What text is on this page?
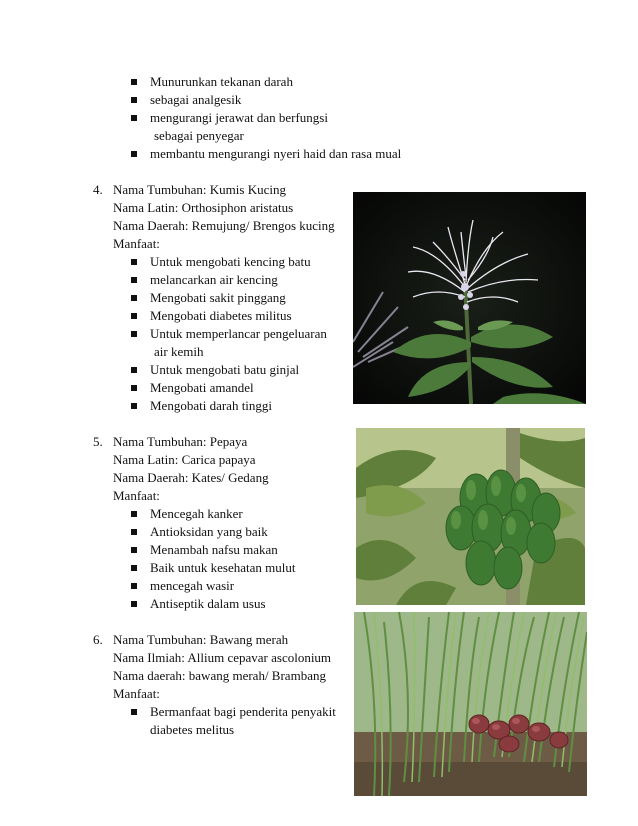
Munurunkan tekanan darah
sebagai analgesik
mengurangi jerawat dan berfungsi
sebagai penyegar
membantu mengurangi nyeri haid dan rasa mual
4. Nama Tumbuhan: Kumis Kucing
Nama Latin: Orthosiphon aristatus
Nama Daerah: Remujung/ Brengos kucing
Manfaat:
Untuk mengobati kencing batu
melancarkan air kencing
Mengobati sakit pinggang
Mengobati diabetes militus
Untuk memperlancar pengeluaran
air kemih
Untuk mengobati batu ginjal
Mengobati amandel
Mengobati darah tinggi
5. Nama Tumbuhan: Pepaya
Nama Latin: Carica papaya
Nama Daerah: Kates/ Gedang
Manfaat:
Mencegah kanker
Antioksidan yang baik
Menambah nafsu makan
Baik untuk kesehatan mulut
mencegah wasir
Antiseptik dalam usus
6. Nama Tumbuhan: Bawang merah
Nama Ilmiah: Allium cepavar ascolonium
Nama daerah: bawang merah/ Brambang
Manfaat:
Bermanfaat bagi penderita penyakit
diabetes melitus
